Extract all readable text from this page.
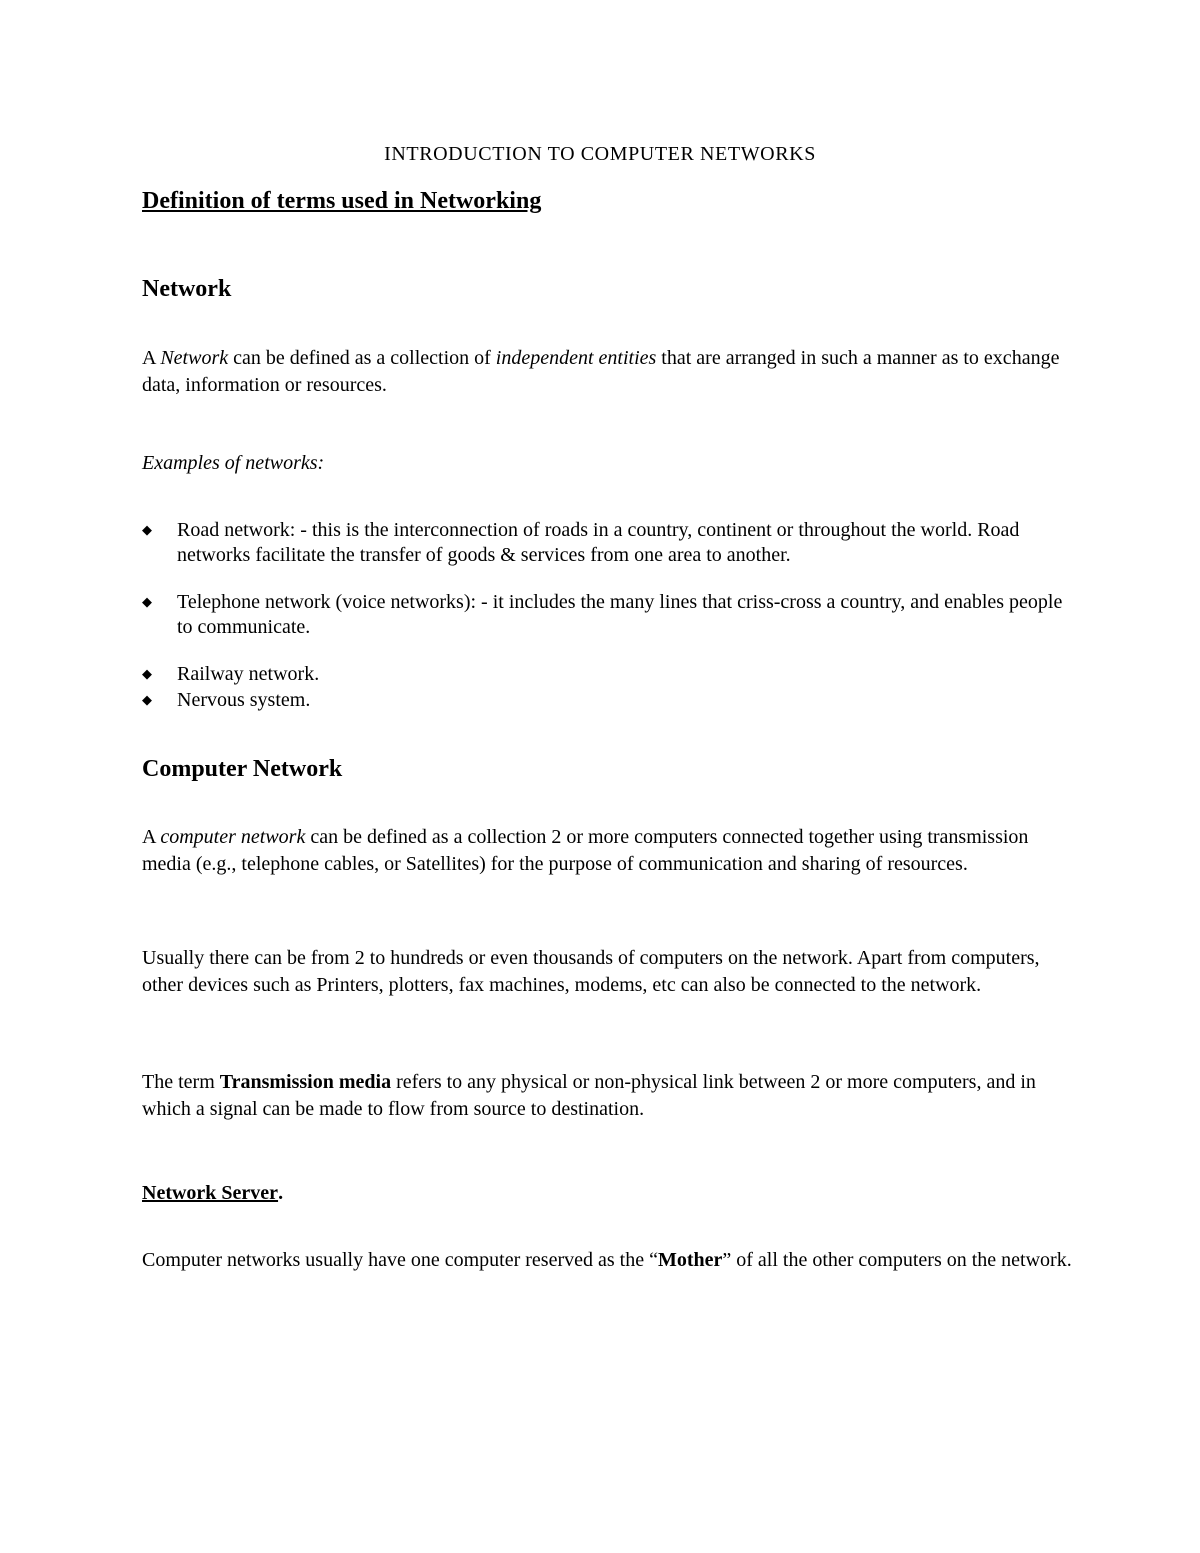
INTRODUCTION TO COMPUTER NETWORKS

Definition of terms used in Networking

Network

A Network can be defined as a collection of independent entities that are arranged in such a manner as to exchange data, information or resources.

Examples of networks:

◆ Road network: - this is the interconnection of roads in a country, continent or throughout the world. Road networks facilitate the transfer of goods & services from one area to another.
◆ Telephone network (voice networks): - it includes the many lines that criss-cross a country, and enables people to communicate.
◆ Railway network.
◆ Nervous system.

Computer Network

A computer network can be defined as a collection 2 or more computers connected together using transmission media (e.g., telephone cables, or Satellites) for the purpose of communication and sharing of resources.

Usually there can be from 2 to hundreds or even thousands of computers on the network. Apart from computers, other devices such as Printers, plotters, fax machines, modems, etc can also be connected to the network.

The term Transmission media refers to any physical or non-physical link between 2 or more computers, and in which a signal can be made to flow from source to destination.

Network Server.

Computer networks usually have one computer reserved as the “Mother” of all the other computers on the network.
